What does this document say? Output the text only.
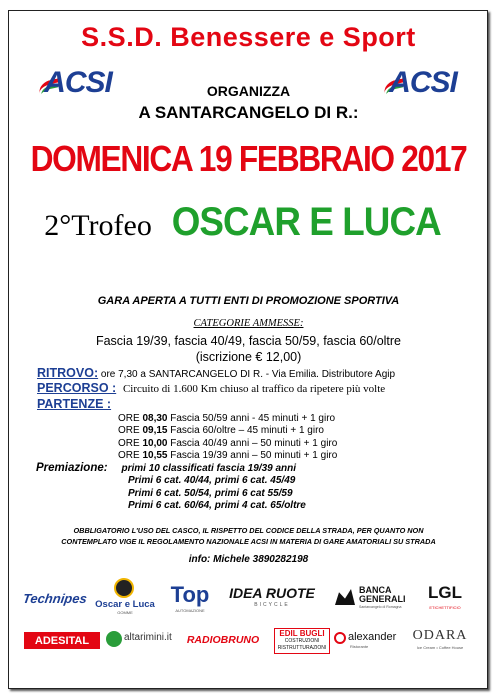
S.S.D. Benessere e Sport
ACSI	ACSI
ORGANIZZA
A SANTARCANGELO DI R.:
DOMENICA 19 FEBBRAIO 2017
2°Trofeo OSCAR E LUCA
GARA APERTA A TUTTI ENTI DI PROMOZIONE SPORTIVA
CATEGORIE AMMESSE:
Fascia 19/39, fascia 40/49, fascia 50/59, fascia 60/oltre
(iscrizione € 12,00)
RITROVO: ore 7,30 a SANTARCANGELO DI R. - Via Emilia. Distributore Agip
PERCORSO : Circuito di 1.600 Km chiuso al traffico da ripetere più volte
PARTENZE :
ORE 08,30 Fascia 50/59 anni - 45 minuti + 1 giro
ORE 09,15 Fascia 60/oltre – 45 minuti + 1 giro
ORE 10,00 Fascia 40/49 anni – 50 minuti + 1 giro
ORE 10,55 Fascia 19/39 anni – 50 minuti + 1 giro
Premiazione: primi 10 classificati fascia 19/39 anni
Primi 6 cat. 40/44, primi 6 cat. 45/49
Primi 6 cat. 50/54, primi 6 cat 55/59
Primi 6 cat. 60/64, primi 4 cat. 65/oltre
OBBLIGATORIO L'USO DEL CASCO, IL RISPETTO DEL CODICE DELLA STRADA, PER QUANTO NON
CONTEMPLATO VIGE IL REGOLAMENTO NAZIONALE ACSI IN MATERIA DI GARE AMATORIALI SU STRADA
info: Michele 3890282198
Technipes Oscar e Luca
GOMME
Top
AUTOMAZIONE
IDEA RUOTE
BICYCLE
BANCA
GENERALI
Santarcangelo di Romagna
LGL
ETICHETTIFICIO
ADESITAL	altarimini.it	RADIOBRUNO
EDIL BUGLI
COSTRUZIONI
RISTRUTTURAZIONI
alexander
Ristorante
ODARA
Ice Cream • Coffee House
